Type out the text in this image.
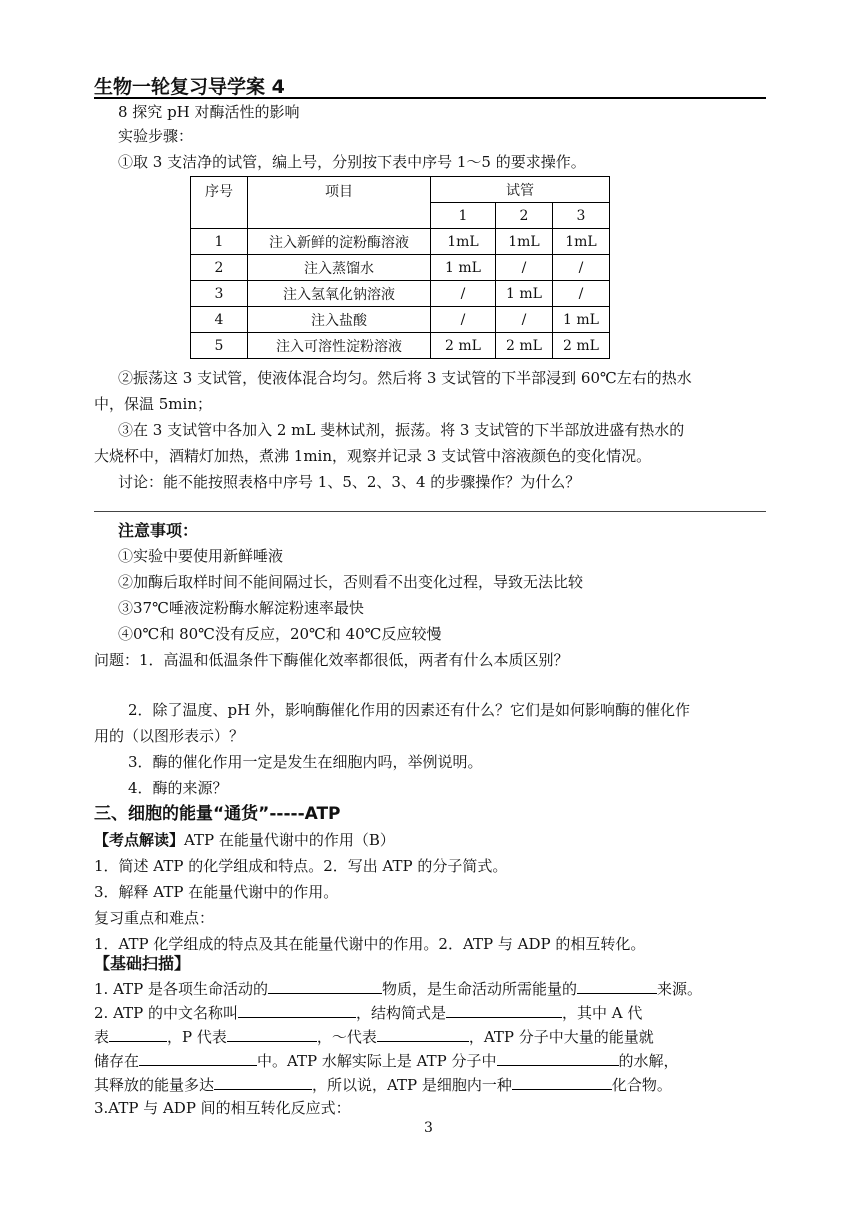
生物一轮复习导学案 4
8 探究 pH 对酶活性的影响
实验步骤：
①取 3 支洁净的试管，编上号，分别按下表中序号 1～5 的要求操作。
序号	项目	试管		
		1	2	3
1	注入新鲜的淀粉酶溶液	1mL	1mL	1mL
2	注入蒸馏水	1 mL	/	/
3	注入氢氧化钠溶液	/	1 mL	/
4	注入盐酸	/	/	1 mL
5	注入可溶性淀粉溶液	2 mL	2 mL	2 mL
②振荡这 3 支试管，使液体混合均匀。然后将 3 支试管的下半部浸到 60℃左右的热水
中，保温 5min；
③在 3 支试管中各加入 2 mL 斐林试剂，振荡。将 3 支试管的下半部放进盛有热水的
大烧杯中，酒精灯加热，煮沸 1min，观察并记录 3 支试管中溶液颜色的变化情况。
讨论：能不能按照表格中序号 1、5、2、3、4 的步骤操作？为什么？
注意事项：
①实验中要使用新鲜唾液
②加酶后取样时间不能间隔过长，否则看不出变化过程，导致无法比较
③37℃唾液淀粉酶水解淀粉速率最快
④0℃和 80℃没有反应，20℃和 40℃反应较慢
问题：1．高温和低温条件下酶催化效率都很低，两者有什么本质区别？
2．除了温度、pH 外，影响酶催化作用的因素还有什么？它们是如何影响酶的催化作
用的（以图形表示）？
3．酶的催化作用一定是发生在细胞内吗，举例说明。
4．酶的来源？
三、细胞的能量“通货”-----ATP
【考点解读】ATP 在能量代谢中的作用（B）
1．简述 ATP 的化学组成和特点。2．写出 ATP 的分子简式。
3．解释 ATP 在能量代谢中的作用。
复习重点和难点：
1．ATP 化学组成的特点及其在能量代谢中的作用。2．ATP 与 ADP 的相互转化。
【基础扫描】
1. ATP 是各项生命活动的	物质，是生命活动所需能量的	来源。
2. ATP 的中文名称叫	，结构简式是	，其中 A 代
表	，P 代表	，～代表	，ATP 分子中大量的能量就
储存在	中。ATP 水解实际上是 ATP 分子中	的水解，
其释放的能量多达	，所以说，ATP 是细胞内一种	化合物。
3.ATP 与 ADP 间的相互转化反应式：
3
